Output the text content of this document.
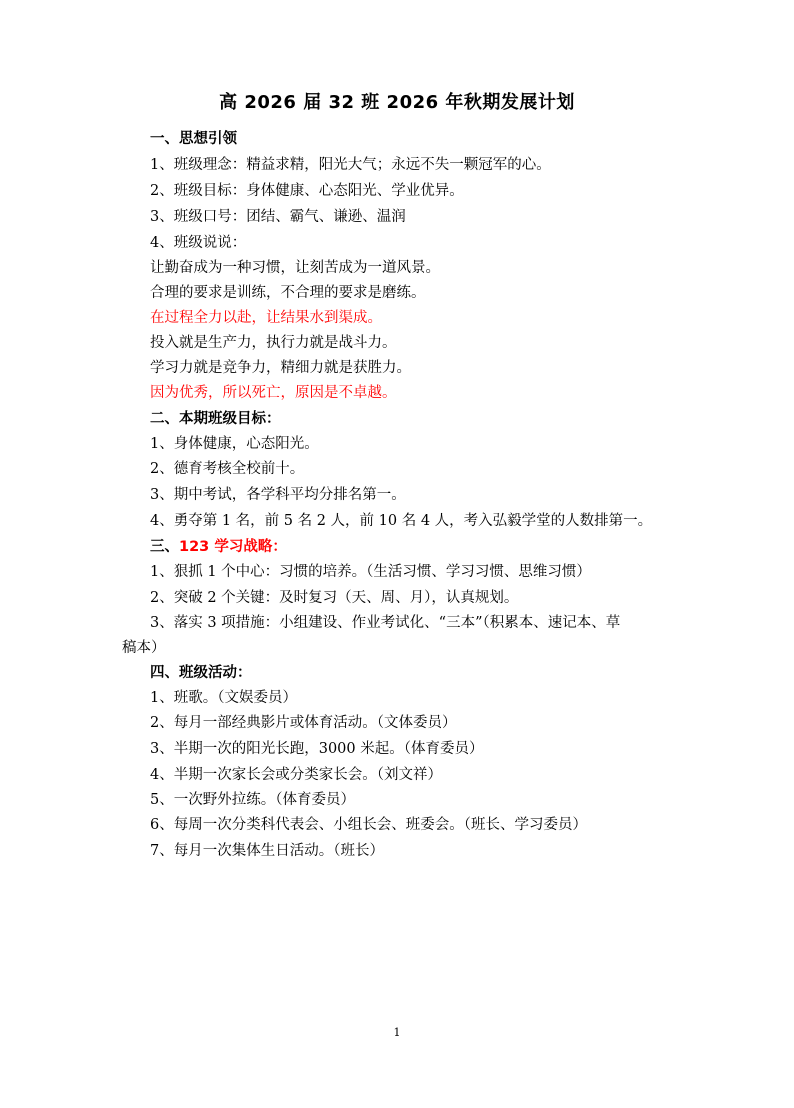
高 2026 届 32 班 2026 年秋期发展计划
一、思想引领
1、班级理念：精益求精，阳光大气；永远不失一颗冠军的心。
2、班级目标：身体健康、心态阳光、学业优异。
3、班级口号：团结、霸气、谦逊、温润
4、班级说说：
让勤奋成为一种习惯，让刻苦成为一道风景。
合理的要求是训练，不合理的要求是磨练。
在过程全力以赴，让结果水到渠成。
投入就是生产力，执行力就是战斗力。
学习力就是竞争力，精细力就是获胜力。
因为优秀，所以死亡，原因是不卓越。
二、本期班级目标：
1、身体健康，心态阳光。
2、德育考核全校前十。
3、期中考试，各学科平均分排名第一。
4、勇夺第 1 名，前 5 名 2 人，前 10 名 4 人，考入弘毅学堂的人数排第一。
三、123 学习战略：
1、狠抓 1 个中心：习惯的培养。（生活习惯、学习习惯、思维习惯）
2、突破 2 个关键：及时复习（天、周、月），认真规划。
3、落实 3 项措施：小组建设、作业考试化、“三本”（积累本、速记本、草
稿本）
四、班级活动：
1、班歌。（文娱委员）
2、每月一部经典影片或体育活动。（文体委员）
3、半期一次的阳光长跑，3000 米起。（体育委员）
4、半期一次家长会或分类家长会。（刘文祥）
5、一次野外拉练。（体育委员）
6、每周一次分类科代表会、小组长会、班委会。（班长、学习委员）
7、每月一次集体生日活动。（班长）
1
